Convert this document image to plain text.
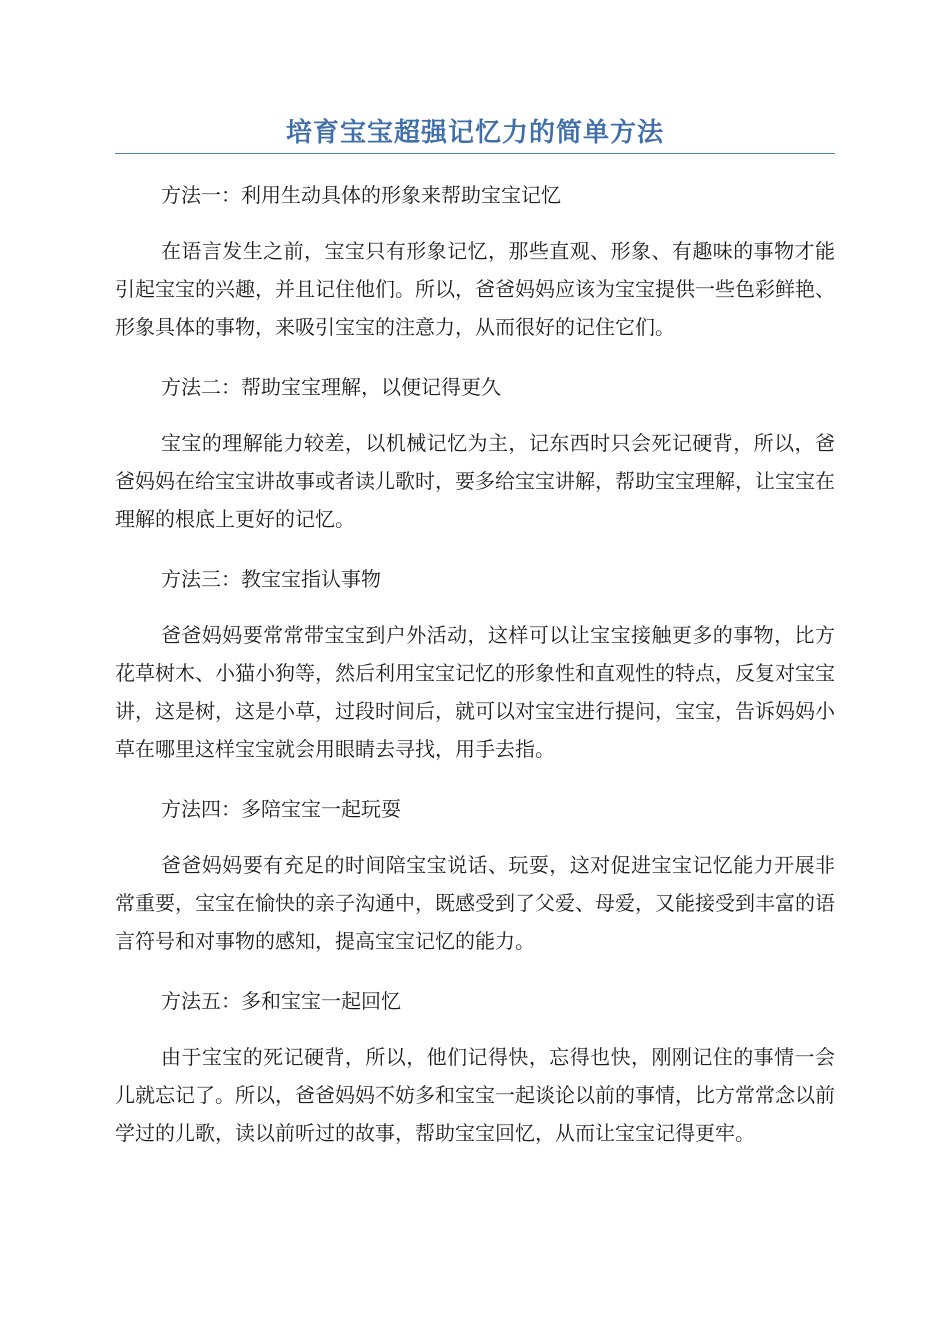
培育宝宝超强记忆力的简单方法

方法一：利用生动具体的形象来帮助宝宝记忆

在语言发生之前，宝宝只有形象记忆，那些直观、形象、有趣味的事物才能引起宝宝的兴趣，并且记住他们。所以，爸爸妈妈应该为宝宝提供一些色彩鲜艳、形象具体的事物，来吸引宝宝的注意力，从而很好的记住它们。

方法二：帮助宝宝理解，以便记得更久

宝宝的理解能力较差，以机械记忆为主，记东西时只会死记硬背，所以，爸爸妈妈在给宝宝讲故事或者读儿歌时，要多给宝宝讲解，帮助宝宝理解，让宝宝在理解的根底上更好的记忆。

方法三：教宝宝指认事物

爸爸妈妈要常常带宝宝到户外活动，这样可以让宝宝接触更多的事物，比方花草树木、小猫小狗等，然后利用宝宝记忆的形象性和直观性的特点，反复对宝宝讲，这是树，这是小草，过段时间后，就可以对宝宝进行提问，宝宝，告诉妈妈小草在哪里这样宝宝就会用眼睛去寻找，用手去指。

方法四：多陪宝宝一起玩耍

爸爸妈妈要有充足的时间陪宝宝说话、玩耍，这对促进宝宝记忆能力开展非常重要，宝宝在愉快的亲子沟通中，既感受到了父爱、母爱，又能接受到丰富的语言符号和对事物的感知，提高宝宝记忆的能力。

方法五：多和宝宝一起回忆

由于宝宝的死记硬背，所以，他们记得快，忘得也快，刚刚记住的事情一会儿就忘记了。所以，爸爸妈妈不妨多和宝宝一起谈论以前的事情，比方常常念以前学过的儿歌，读以前听过的故事，帮助宝宝回忆，从而让宝宝记得更牢。
